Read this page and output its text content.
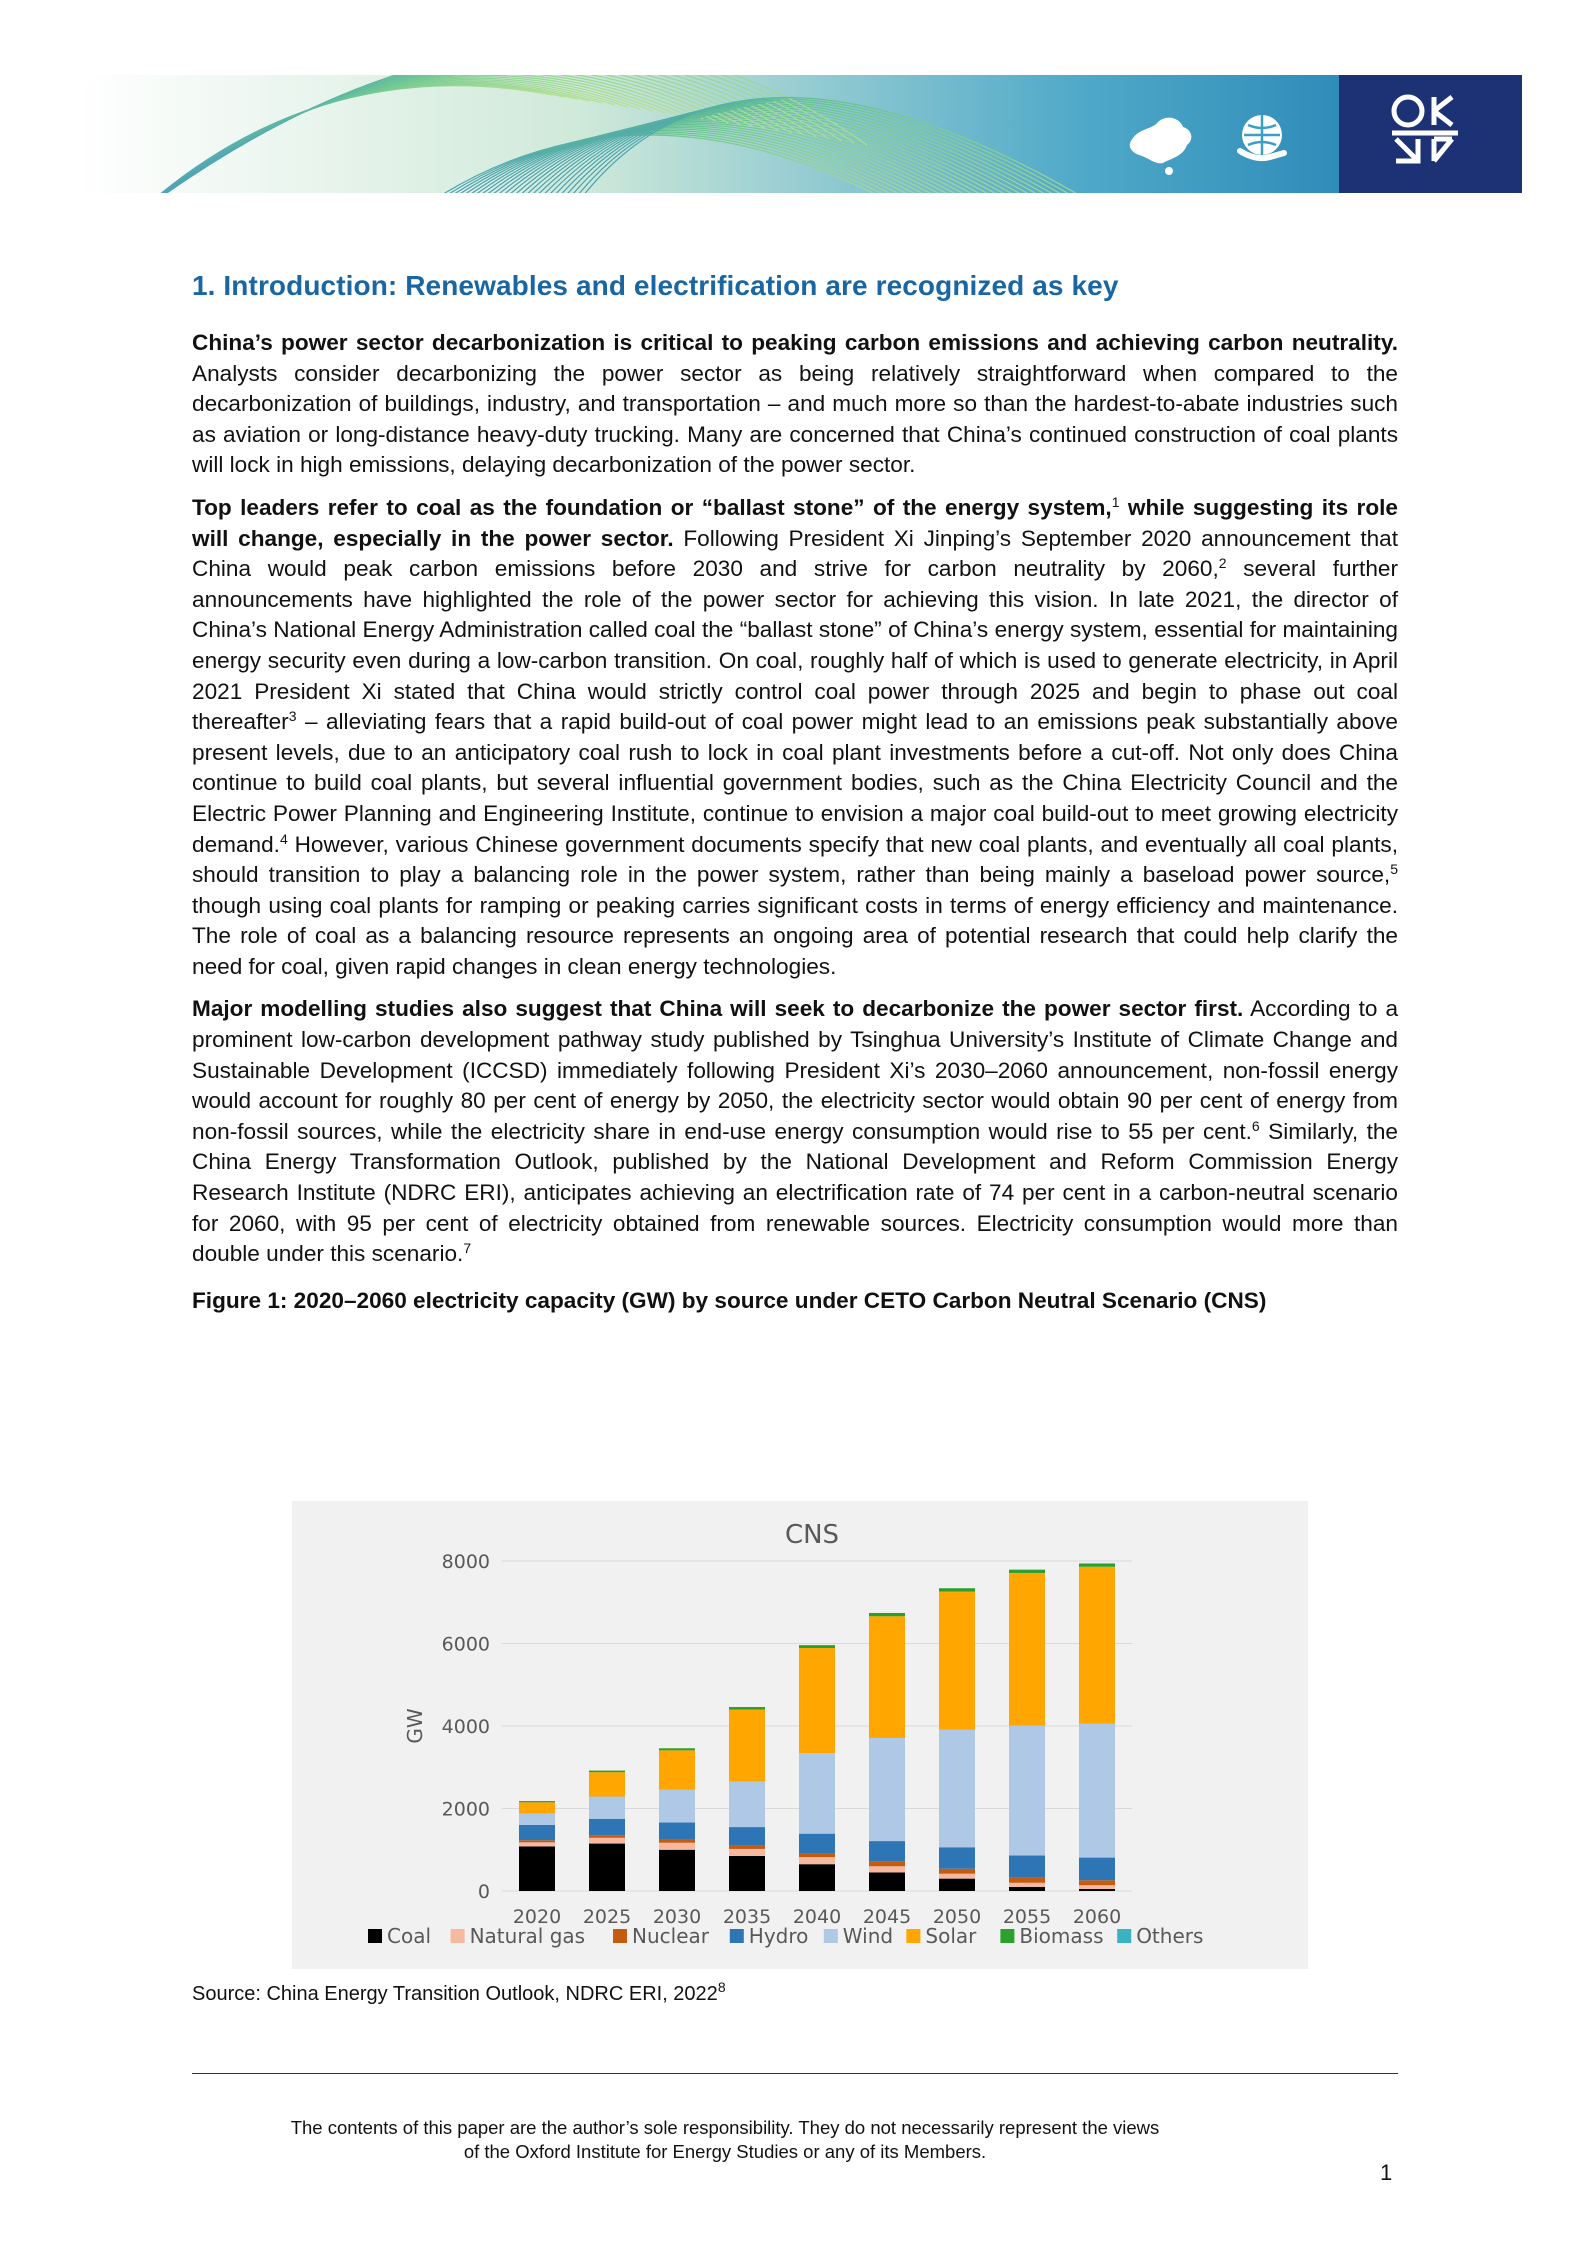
1. Introduction: Renewables and electrification are recognized as key

China’s power sector decarbonization is critical to peaking carbon emissions and achieving carbon neutrality. Analysts consider decarbonizing the power sector as being relatively straightforward when compared to the decarbonization of buildings, industry, and transportation – and much more so than the hardest-to-abate industries such as aviation or long-distance heavy-duty trucking. Many are concerned that China’s continued construction of coal plants will lock in high emissions, delaying decarbonization of the power sector.

Top leaders refer to coal as the foundation or “ballast stone” of the energy system,$^1$ while suggesting its role will change, especially in the power sector. Following President Xi Jinping’s September 2020 announcement that China would peak carbon emissions before 2030 and strive for carbon neutrality by 2060,$^2$ several further announcements have highlighted the role of the power sector for achieving this vision. In late 2021, the director of China’s National Energy Administration called coal the “ballast stone” of China’s energy system, essential for maintaining energy security even during a low-carbon transition. On coal, roughly half of which is used to generate electricity, in April 2021 President Xi stated that China would strictly control coal power through 2025 and begin to phase out coal thereafter$^3$ – alleviating fears that a rapid build-out of coal power might lead to an emissions peak substantially above present levels, due to an anticipatory coal rush to lock in coal plant investments before a cut-off. Not only does China continue to build coal plants, but several influential government bodies, such as the China Electricity Council and the Electric Power Planning and Engineering Institute, continue to envision a major coal build-out to meet growing electricity demand.$^4$ However, various Chinese government documents specify that new coal plants, and eventually all coal plants, should transition to play a balancing role in the power system, rather than being mainly a baseload power source,$^5$ though using coal plants for ramping or peaking carries significant costs in terms of energy efficiency and maintenance. The role of coal as a balancing resource represents an ongoing area of potential research that could help clarify the need for coal, given rapid changes in clean energy technologies.

Major modelling studies also suggest that China will seek to decarbonize the power sector first. According to a prominent low-carbon development pathway study published by Tsinghua University’s Institute of Climate Change and Sustainable Development (ICCSD) immediately following President Xi’s 2030–2060 announcement, non-fossil energy would account for roughly 80 per cent of energy by 2050, the electricity sector would obtain 90 per cent of energy from non-fossil sources, while the electricity share in end-use energy consumption would rise to 55 per cent.$^6$ Similarly, the China Energy Transformation Outlook, published by the National Development and Reform Commission Energy Research Institute (NDRC ERI), anticipates achieving an electrification rate of 74 per cent in a carbon-neutral scenario for 2060, with 95 per cent of electricity obtained from renewable sources. Electricity consumption would more than double under this scenario.$^7$

Figure 1: 2020–2060 electricity capacity (GW) by source under CETO Carbon Neutral Scenario (CNS)
CNS
0
2000
4000
6000
8000
GW
2020 2025 2030 2035 2040 2045 2050 2055 2060
Coal Natural gas Nuclear Hydro Wind Solar Biomass Others
Source: China Energy Transition Outlook, NDRC ERI, 2022$^8$
The contents of this paper are the author’s sole responsibility. They do not necessarily represent the views
of the Oxford Institute for Energy Studies or any of its Members.
1
